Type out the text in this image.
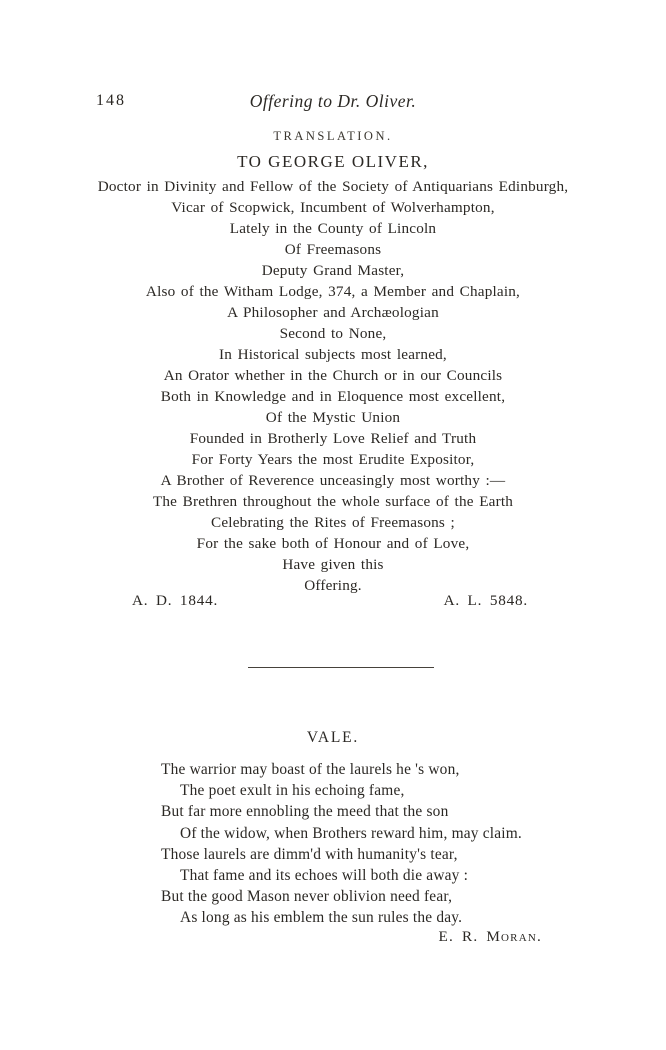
148	Offering to Dr. Oliver.
TRANSLATION.
TO GEORGE OLIVER,
Doctor in Divinity and Fellow of the Society of Antiquarians Edinburgh,
Vicar of Scopwick, Incumbent of Wolverhampton,
Lately in the County of Lincoln
Of Freemasons
Deputy Grand Master,
Also of the Witham Lodge, 374, a Member and Chaplain,
A Philosopher and Archæologian
Second to None,
In Historical subjects most learned,
An Orator whether in the Church or in our Councils
Both in Knowledge and in Eloquence most excellent,
Of the Mystic Union
Founded in Brotherly Love Relief and Truth
For Forty Years the most Erudite Expositor,
A Brother of Reverence unceasingly most worthy :—
The Brethren throughout the whole surface of the Earth
Celebrating the Rites of Freemasons ;
For the sake both of Honour and of Love,
Have given this
Offering.
A. D. 1844.	A. L. 5848.
VALE.
The warrior may boast of the laurels he 's won,
The poet exult in his echoing fame,
But far more ennobling the meed that the son
Of the widow, when Brothers reward him, may claim.
Those laurels are dimm'd with humanity's tear,
That fame and its echoes will both die away :
But the good Mason never oblivion need fear,
As long as his emblem the sun rules the day.
E. R. Moran.
